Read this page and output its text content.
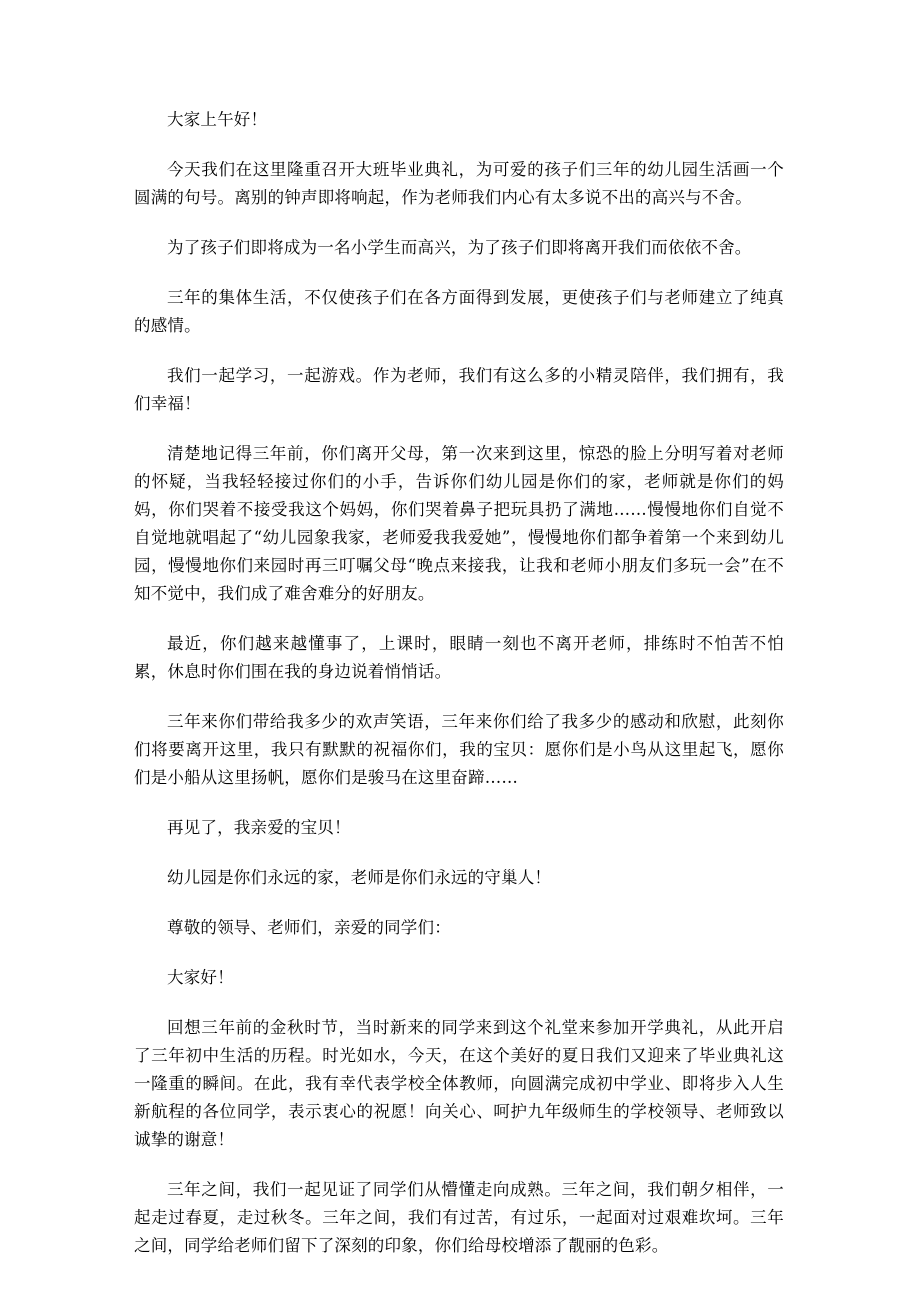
大家上午好！

今天我们在这里隆重召开大班毕业典礼，为可爱的孩子们三年的幼儿园生活画一个圆满的句号。离别的钟声即将响起，作为老师我们内心有太多说不出的高兴与不舍。

为了孩子们即将成为一名小学生而高兴，为了孩子们即将离开我们而依依不舍。

三年的集体生活，不仅使孩子们在各方面得到发展，更使孩子们与老师建立了纯真的感情。

我们一起学习，一起游戏。作为老师，我们有这么多的小精灵陪伴，我们拥有，我们幸福！

清楚地记得三年前，你们离开父母，第一次来到这里，惊恐的脸上分明写着对老师的怀疑，当我轻轻接过你们的小手，告诉你们幼儿园是你们的家，老师就是你们的妈妈，你们哭着不接受我这个妈妈，你们哭着鼻子把玩具扔了满地……慢慢地你们自觉不自觉地就唱起了“幼儿园象我家，老师爱我我爱她”，慢慢地你们都争着第一个来到幼儿园，慢慢地你们来园时再三叮嘱父母“晚点来接我，让我和老师小朋友们多玩一会”在不知不觉中，我们成了难舍难分的好朋友。

最近，你们越来越懂事了，上课时，眼睛一刻也不离开老师，排练时不怕苦不怕累，休息时你们围在我的身边说着悄悄话。

三年来你们带给我多少的欢声笑语，三年来你们给了我多少的感动和欣慰，此刻你们将要离开这里，我只有默默的祝福你们，我的宝贝：愿你们是小鸟从这里起飞，愿你们是小船从这里扬帆，愿你们是骏马在这里奋蹄……

再见了，我亲爱的宝贝！

幼儿园是你们永远的家，老师是你们永远的守巢人！

尊敬的领导、老师们，亲爱的同学们：

大家好！

回想三年前的金秋时节，当时新来的同学来到这个礼堂来参加开学典礼，从此开启了三年初中生活的历程。时光如水，今天，在这个美好的夏日我们又迎来了毕业典礼这一隆重的瞬间。在此，我有幸代表学校全体教师，向圆满完成初中学业、即将步入人生新航程的各位同学，表示衷心的祝愿！向关心、呵护九年级师生的学校领导、老师致以诚挚的谢意！

三年之间，我们一起见证了同学们从懵懂走向成熟。三年之间，我们朝夕相伴，一起走过春夏，走过秋冬。三年之间，我们有过苦，有过乐，一起面对过艰难坎坷。三年之间，同学给老师们留下了深刻的印象，你们给母校增添了靓丽的色彩。
